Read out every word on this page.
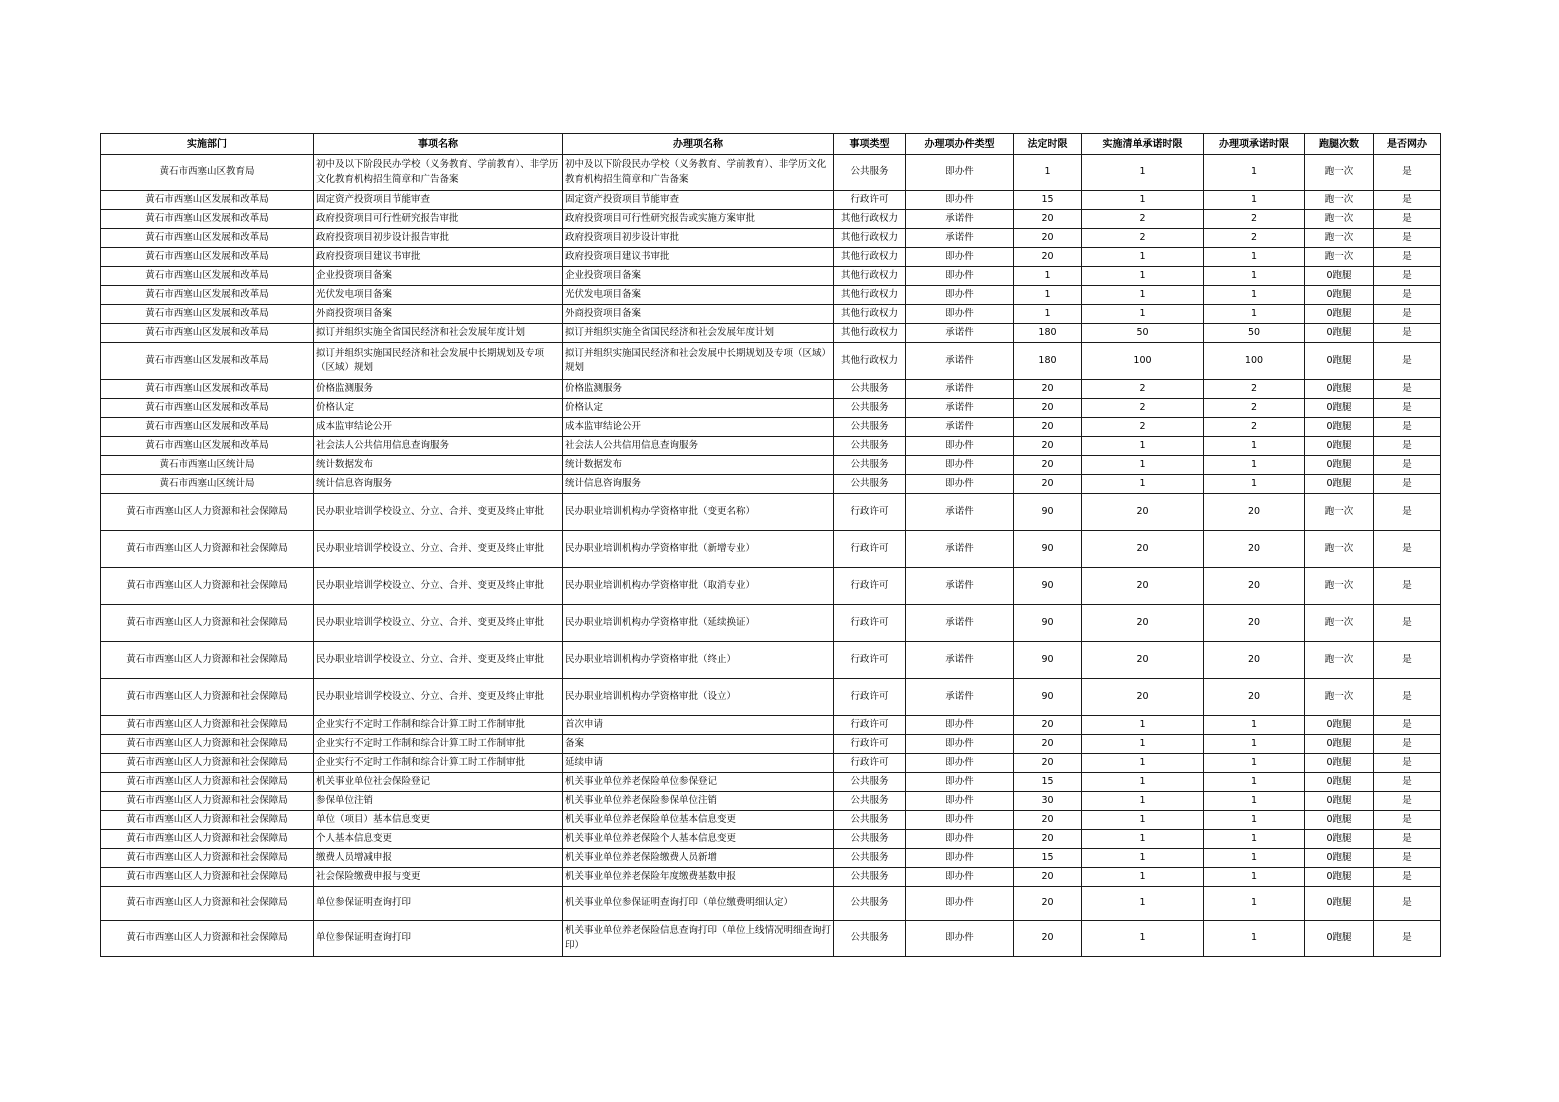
实施部门	事项名称	办理项名称	事项类型	办理项办件类型	法定时限	实施清单承诺时限	办理项承诺时限	跑腿次数	是否网办
黄石市西塞山区教育局	初中及以下阶段民办学校（义务教育、学前教育）、非学历文化教育机构招生简章和广告备案	初中及以下阶段民办学校（义务教育、学前教育）、非学历文化教育机构招生简章和广告备案	公共服务	即办件	1	1	1	跑一次	是
黄石市西塞山区发展和改革局	固定资产投资项目节能审查	固定资产投资项目节能审查	行政许可	即办件	15	1	1	跑一次	是
黄石市西塞山区发展和改革局	政府投资项目可行性研究报告审批	政府投资项目可行性研究报告或实施方案审批	其他行政权力	承诺件	20	2	2	跑一次	是
黄石市西塞山区发展和改革局	政府投资项目初步设计报告审批	政府投资项目初步设计审批	其他行政权力	承诺件	20	2	2	跑一次	是
黄石市西塞山区发展和改革局	政府投资项目建议书审批	政府投资项目建议书审批	其他行政权力	即办件	20	1	1	跑一次	是
黄石市西塞山区发展和改革局	企业投资项目备案	企业投资项目备案	其他行政权力	即办件	1	1	1	0跑腿	是
黄石市西塞山区发展和改革局	光伏发电项目备案	光伏发电项目备案	其他行政权力	即办件	1	1	1	0跑腿	是
黄石市西塞山区发展和改革局	外商投资项目备案	外商投资项目备案	其他行政权力	即办件	1	1	1	0跑腿	是
黄石市西塞山区发展和改革局	拟订并组织实施全省国民经济和社会发展年度计划	拟订并组织实施全省国民经济和社会发展年度计划	其他行政权力	承诺件	180	50	50	0跑腿	是
黄石市西塞山区发展和改革局	拟订并组织实施国民经济和社会发展中长期规划及专项（区域）规划	拟订并组织实施国民经济和社会发展中长期规划及专项（区域）规划	其他行政权力	承诺件	180	100	100	0跑腿	是
黄石市西塞山区发展和改革局	价格监测服务	价格监测服务	公共服务	承诺件	20	2	2	0跑腿	是
黄石市西塞山区发展和改革局	价格认定	价格认定	公共服务	承诺件	20	2	2	0跑腿	是
黄石市西塞山区发展和改革局	成本监审结论公开	成本监审结论公开	公共服务	承诺件	20	2	2	0跑腿	是
黄石市西塞山区发展和改革局	社会法人公共信用信息查询服务	社会法人公共信用信息查询服务	公共服务	即办件	20	1	1	0跑腿	是
黄石市西塞山区统计局	统计数据发布	统计数据发布	公共服务	即办件	20	1	1	0跑腿	是
黄石市西塞山区统计局	统计信息咨询服务	统计信息咨询服务	公共服务	即办件	20	1	1	0跑腿	是
黄石市西塞山区人力资源和社会保障局	民办职业培训学校设立、分立、合并、变更及终止审批	民办职业培训机构办学资格审批（变更名称）	行政许可	承诺件	90	20	20	跑一次	是
黄石市西塞山区人力资源和社会保障局	民办职业培训学校设立、分立、合并、变更及终止审批	民办职业培训机构办学资格审批（新增专业）	行政许可	承诺件	90	20	20	跑一次	是
黄石市西塞山区人力资源和社会保障局	民办职业培训学校设立、分立、合并、变更及终止审批	民办职业培训机构办学资格审批（取消专业）	行政许可	承诺件	90	20	20	跑一次	是
黄石市西塞山区人力资源和社会保障局	民办职业培训学校设立、分立、合并、变更及终止审批	民办职业培训机构办学资格审批（延续换证）	行政许可	承诺件	90	20	20	跑一次	是
黄石市西塞山区人力资源和社会保障局	民办职业培训学校设立、分立、合并、变更及终止审批	民办职业培训机构办学资格审批（终止）	行政许可	承诺件	90	20	20	跑一次	是
黄石市西塞山区人力资源和社会保障局	民办职业培训学校设立、分立、合并、变更及终止审批	民办职业培训机构办学资格审批（设立）	行政许可	承诺件	90	20	20	跑一次	是
黄石市西塞山区人力资源和社会保障局	企业实行不定时工作制和综合计算工时工作制审批	首次申请	行政许可	即办件	20	1	1	0跑腿	是
黄石市西塞山区人力资源和社会保障局	企业实行不定时工作制和综合计算工时工作制审批	备案	行政许可	即办件	20	1	1	0跑腿	是
黄石市西塞山区人力资源和社会保障局	企业实行不定时工作制和综合计算工时工作制审批	延续申请	行政许可	即办件	20	1	1	0跑腿	是
黄石市西塞山区人力资源和社会保障局	机关事业单位社会保险登记	机关事业单位养老保险单位参保登记	公共服务	即办件	15	1	1	0跑腿	是
黄石市西塞山区人力资源和社会保障局	参保单位注销	机关事业单位养老保险参保单位注销	公共服务	即办件	30	1	1	0跑腿	是
黄石市西塞山区人力资源和社会保障局	单位（项目）基本信息变更	机关事业单位养老保险单位基本信息变更	公共服务	即办件	20	1	1	0跑腿	是
黄石市西塞山区人力资源和社会保障局	个人基本信息变更	机关事业单位养老保险个人基本信息变更	公共服务	即办件	20	1	1	0跑腿	是
黄石市西塞山区人力资源和社会保障局	缴费人员增减申报	机关事业单位养老保险缴费人员新增	公共服务	即办件	15	1	1	0跑腿	是
黄石市西塞山区人力资源和社会保障局	社会保险缴费申报与变更	机关事业单位养老保险年度缴费基数申报	公共服务	即办件	20	1	1	0跑腿	是
黄石市西塞山区人力资源和社会保障局	单位参保证明查询打印	机关事业单位参保证明查询打印（单位缴费明细认定）	公共服务	即办件	20	1	1	0跑腿	是
黄石市西塞山区人力资源和社会保障局	单位参保证明查询打印	机关事业单位养老保险信息查询打印（单位上线情况明细查询打印）	公共服务	即办件	20	1	1	0跑腿	是
